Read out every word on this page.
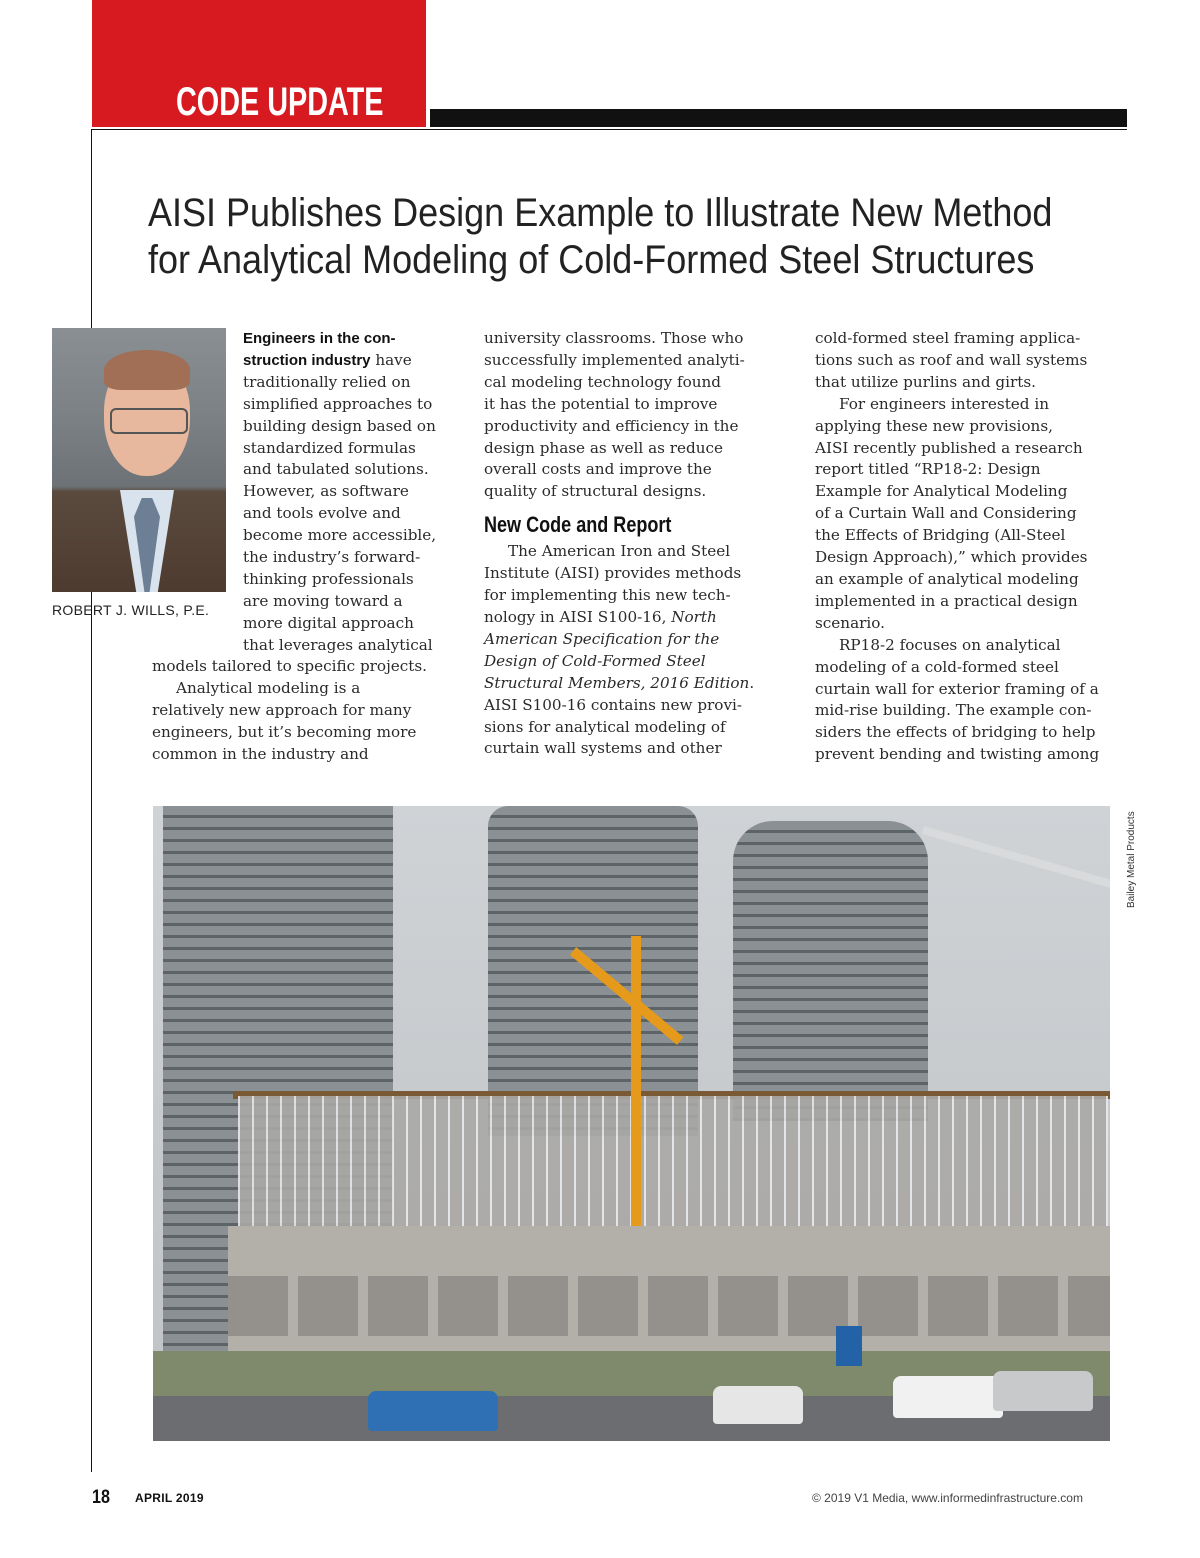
CODE UPDATE
AISI Publishes Design Example to Illustrate New Method
for Analytical Modeling of Cold-Formed Steel Structures
ROBERT J. WILLS, P.E.
Engineers in the con-
struction industry have
traditionally relied on
simplified approaches to
building design based on
standardized formulas
and tabulated solutions.
However, as software
and tools evolve and
become more accessible,
the industry’s forward-
thinking professionals
are moving toward a
more digital approach
that leverages analytical
models tailored to specific projects.
Analytical modeling is a
relatively new approach for many
engineers, but it’s becoming more
common in the industry and
university classrooms. Those who
successfully implemented analyti-
cal modeling technology found
it has the potential to improve
productivity and efficiency in the
design phase as well as reduce
overall costs and improve the
quality of structural designs.
New Code and Report
The American Iron and Steel
Institute (AISI) provides methods
for implementing this new tech-
nology in AISI S100-16, North
American Specification for the
Design of Cold-Formed Steel
Structural Members, 2016 Edition.
AISI S100-16 contains new provi-
sions for analytical modeling of
curtain wall systems and other
cold-formed steel framing applica-
tions such as roof and wall systems
that utilize purlins and girts.
For engineers interested in
applying these new provisions,
AISI recently published a research
report titled “RP18-2: Design
Example for Analytical Modeling
of a Curtain Wall and Considering
the Effects of Bridging (All-Steel
Design Approach),” which provides
an example of analytical modeling
implemented in a practical design
scenario.
RP18-2 focuses on analytical
modeling of a cold-formed steel
curtain wall for exterior framing of a
mid-rise building. The example con-
siders the effects of bridging to help
prevent bending and twisting among
Bailey Metal Products
18 APRIL 2019	© 2019 V1 Media, www.informedinfrastructure.com
